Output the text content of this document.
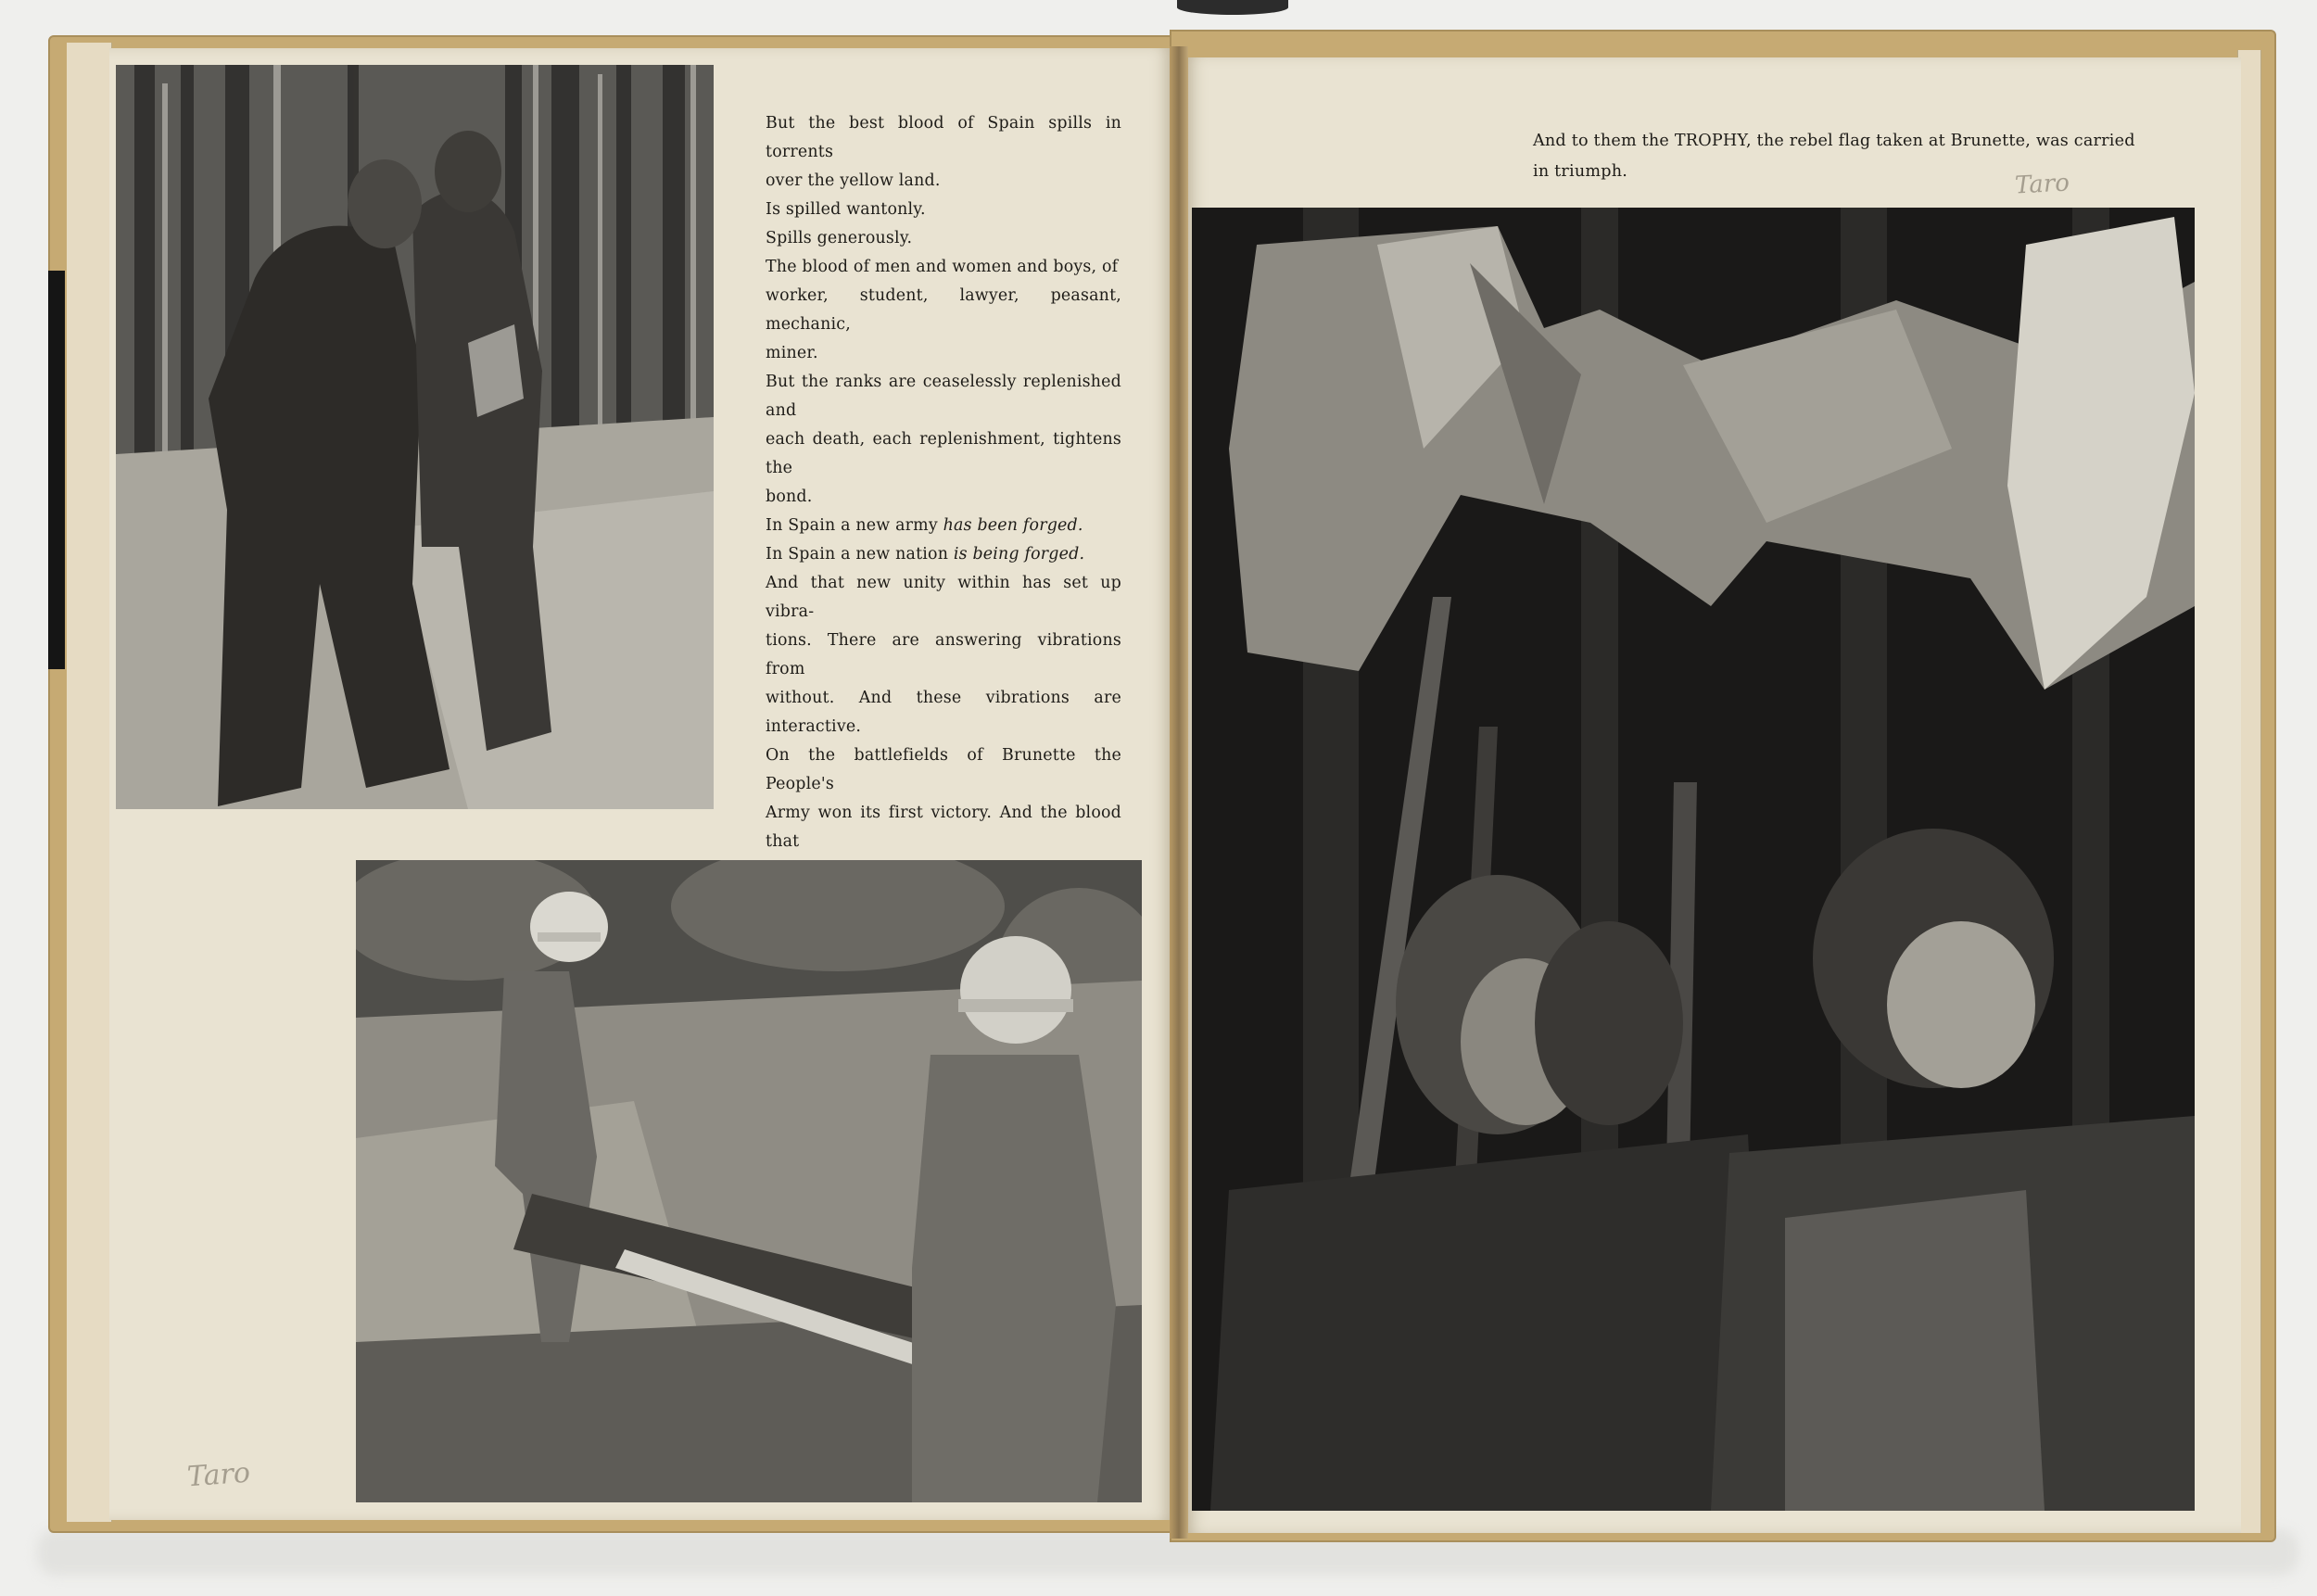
But the best blood of Spain spills in torrents

over the yellow land.

Is spilled wantonly.

Spills generously.

The blood of men and women and boys, of

worker, student, lawyer, peasant, mechanic,

miner.

But the ranks are ceaselessly replenished and

each death, each replenishment, tightens the

bond.

In Spain a new army has been forged.

In Spain a new nation is being forged.

And that new unity within has set up vibra-

tions. There are answering vibrations from

without. And these vibrations are interactive.

On the battlefields of Brunette the People's

Army won its first victory. And the blood that

Taro
And to them the TROPHY, the rebel flag taken at Brunette, was carried
in triumph.	Taro
